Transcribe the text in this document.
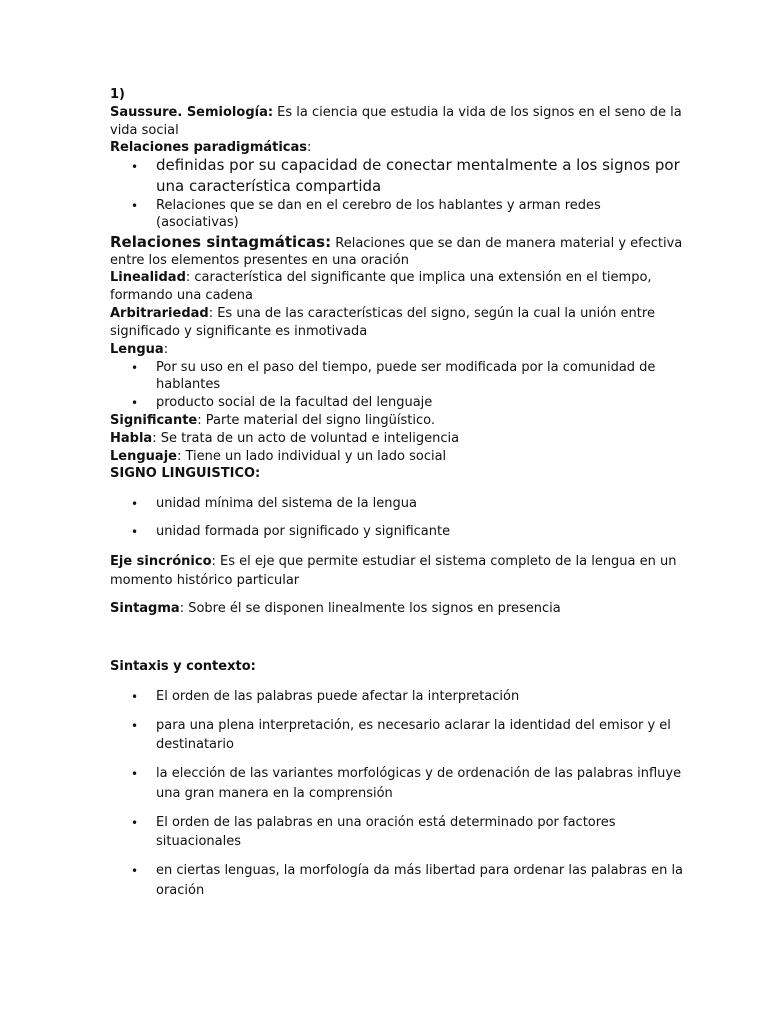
1)
Saussure. Semiología: Es la ciencia que estudia la vida de los signos en el seno de la
vida social
Relaciones paradigmáticas:
• definidas por su capacidad de conectar mentalmente a los signos por
una característica compartida
• Relaciones que se dan en el cerebro de los hablantes y arman redes
(asociativas)
Relaciones sintagmáticas: Relaciones que se dan de manera material y efectiva
entre los elementos presentes en una oración
Linealidad: característica del significante que implica una extensión en el tiempo,
formando una cadena
Arbitrariedad: Es una de las características del signo, según la cual la unión entre
significado y significante es inmotivada
Lengua:
• Por su uso en el paso del tiempo, puede ser modificada por la comunidad de
hablantes
• producto social de la facultad del lenguaje
Significante: Parte material del signo lingüístico.
Habla: Se trata de un acto de voluntad e inteligencia
Lenguaje: Tiene un lado individual y un lado social
SIGNO LINGUISTICO:
• unidad mínima del sistema de la lengua
• unidad formada por significado y significante
Eje sincrónico: Es el eje que permite estudiar el sistema completo de la lengua en un
momento histórico particular
Sintagma: Sobre él se disponen linealmente los signos en presencia
Sintaxis y contexto:
• El orden de las palabras puede afectar la interpretación
• para una plena interpretación, es necesario aclarar la identidad del emisor y el
destinatario
• la elección de las variantes morfológicas y de ordenación de las palabras influye
una gran manera en la comprensión
• El orden de las palabras en una oración está determinado por factores
situacionales
• en ciertas lenguas, la morfología da más libertad para ordenar las palabras en la
oración
